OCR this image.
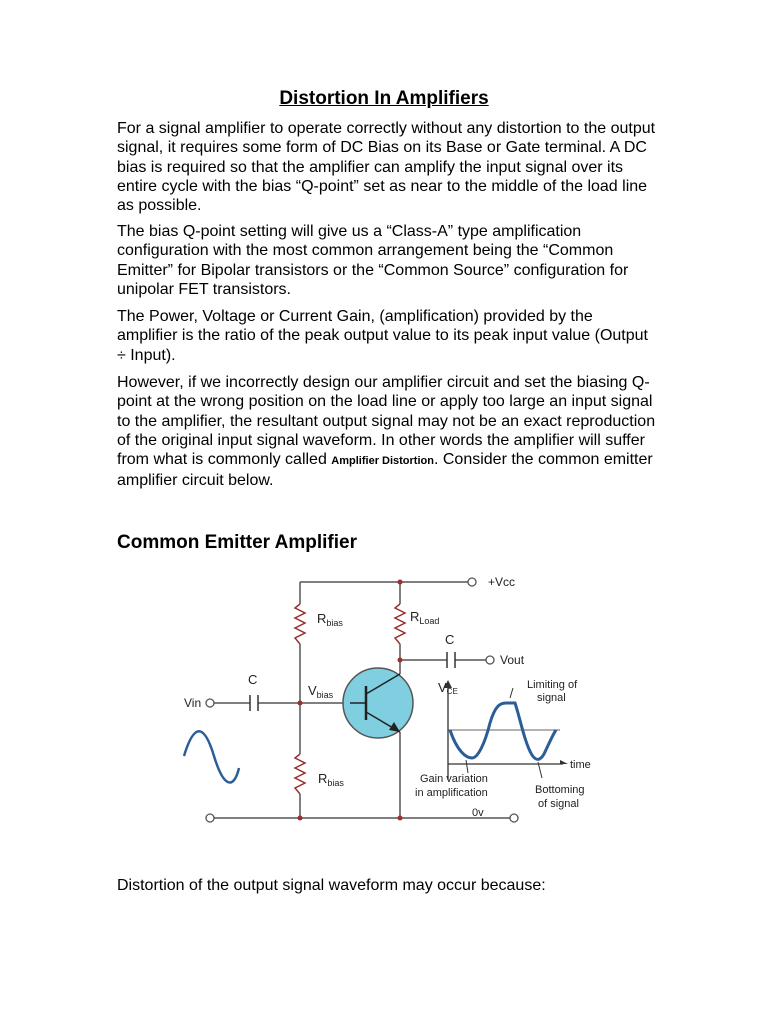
Distortion In Amplifiers

For a signal amplifier to operate correctly without any distortion to the output signal, it requires some form of DC Bias on its Base or Gate terminal. A DC bias is required so that the amplifier can amplify the input signal over its entire cycle with the bias “Q-point” set as near to the middle of the load line as possible.

The bias Q-point setting will give us a “Class-A” type amplification configuration with the most common arrangement being the “Common Emitter” for Bipolar transistors or the “Common Source” configuration for unipolar FET transistors.

The Power, Voltage or Current Gain, (amplification) provided by the amplifier is the ratio of the peak output value to its peak input value (Output ÷ Input).

However, if we incorrectly design our amplifier circuit and set the biasing Q-point at the wrong position on the load line or apply too large an input signal to the amplifier, the resultant output signal may not be an exact reproduction of the original input signal waveform. In other words the amplifier will suffer from what is commonly called Amplifier Distortion. Consider the common emitter amplifier circuit below.

Common Emitter Amplifier
+Vcc
$R_{bias}$	$R_{Load}$
C
Vout
C
Vin
$V_{bias}$	VCE
Limiting of
signal
time
$R_{bias}$	Gain variation
in amplification	Bottoming
of signal
0v
Distortion of the output signal waveform may occur because:
